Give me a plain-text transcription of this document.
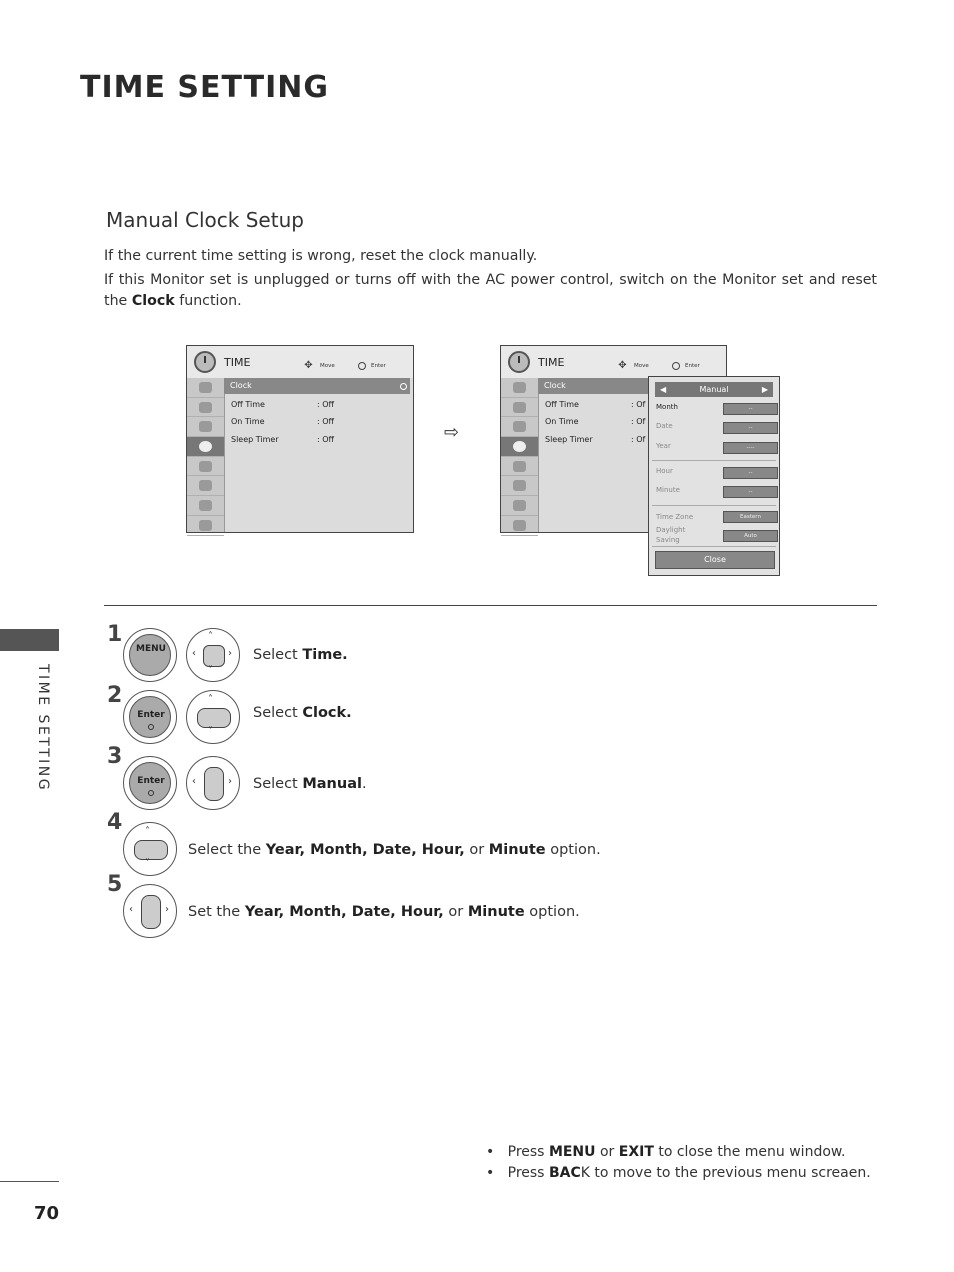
TIME SETTING
Manual Clock Setup
If the current time setting is wrong, reset the clock manually.
If this Monitor set is unplugged or turns off with the AC power control, switch on the Monitor set and reset the Clock function.
TIME	✥ Move	Enter
Clock
Off Time	: Off
On Time	: Off
Sleep Timer	: Off	⇨
TIME	✥ Move	Enter
Clock
Off Time	: Of
On Time	: Of
Sleep Timer	: Of
◀	Manual	▶
Month	--
Date	--
Year	----
Hour	--
Minute	--
Time Zone	Eastern
Daylight
Saving	Auto
Close
TIME SETTING
1
MENU
˄
˅
‹	› Select Time.
2
Enter
˄
˅
Select Clock.
3
Enter	‹	› Select Manual.
4 ˄
˅
Select the Year, Month, Date, Hour, or Minute option.
5
‹	› Set the Year, Month, Date, Hour, or Minute option.
•   Press MENU or EXIT to close the menu window.
•   Press BACK to move to the previous menu screaen.
70
